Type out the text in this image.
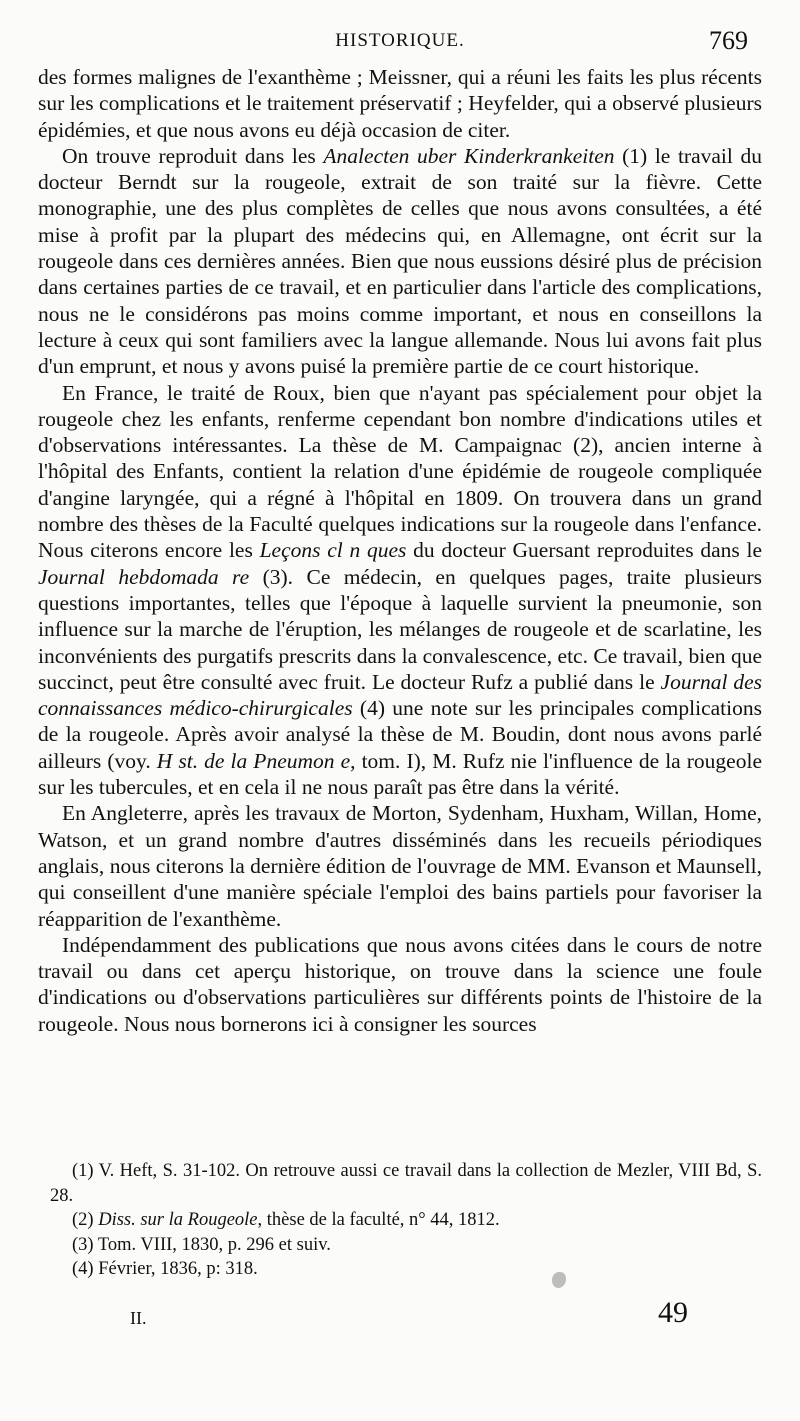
HISTORIQUE.	769

des formes malignes de l'exanthème ; Meissner, qui a réuni les faits les plus récents sur les complications et le traitement préservatif ; Heyfelder, qui a observé plusieurs épidémies, et que nous avons eu déjà occasion de citer.

On trouve reproduit dans les Analecten uber Kinderkrankeiten (1) le travail du docteur Berndt sur la rougeole, extrait de son traité sur la fièvre. Cette monographie, une des plus complètes de celles que nous avons consultées, a été mise à profit par la plupart des médecins qui, en Allemagne, ont écrit sur la rougeole dans ces dernières années. Bien que nous eussions désiré plus de précision dans certaines parties de ce travail, et en particulier dans l'article des complications, nous ne le considérons pas moins comme important, et nous en conseillons la lecture à ceux qui sont familiers avec la langue allemande. Nous lui avons fait plus d'un emprunt, et nous y avons puisé la première partie de ce court historique.

En France, le traité de Roux, bien que n'ayant pas spécialement pour objet la rougeole chez les enfants, renferme cependant bon nombre d'indications utiles et d'observations intéressantes. La thèse de M. Campaignac (2), ancien interne à l'hôpital des Enfants, contient la relation d'une épidémie de rougeole compliquée d'angine laryngée, qui a régné à l'hôpital en 1809. On trouvera dans un grand nombre des thèses de la Faculté quelques indications sur la rougeole dans l'enfance. Nous citerons encore les Leçons cl n ques du docteur Guersant reproduites dans le Journal hebdomada re (3). Ce médecin, en quelques pages, traite plusieurs questions importantes, telles que l'époque à laquelle survient la pneumonie, son influence sur la marche de l'éruption, les mélanges de rougeole et de scarlatine, les inconvénients des purgatifs prescrits dans la convalescence, etc. Ce travail, bien que succinct, peut être consulté avec fruit. Le docteur Rufz a publié dans le Journal des connaissances médico-chirurgicales (4) une note sur les principales complications de la rougeole. Après avoir analysé la thèse de M. Boudin, dont nous avons parlé ailleurs (voy. H st. de la Pneumon e, tom. I), M. Rufz nie l'influence de la rougeole sur les tubercules, et en cela il ne nous paraît pas être dans la vérité.

En Angleterre, après les travaux de Morton, Sydenham, Huxham, Willan, Home, Watson, et un grand nombre d'autres disséminés dans les recueils périodiques anglais, nous citerons la dernière édition de l'ouvrage de MM. Evanson et Maunsell, qui conseillent d'une manière spéciale l'emploi des bains partiels pour favoriser la réapparition de l'exanthème.

Indépendamment des publications que nous avons citées dans le cours de notre travail ou dans cet aperçu historique, on trouve dans la science une foule d'indications ou d'observations particulières sur différents points de l'histoire de la rougeole. Nous nous bornerons ici à consigner les sources

(1) V. Heft, S. 31-102. On retrouve aussi ce travail dans la collection de Mezler, VIII Bd, S. 28.

(2) Diss. sur la Rougeole, thèse de la faculté, n° 44, 1812.

(3) Tom. VIII, 1830, p. 296 et suiv.

(4) Février, 1836, p: 318.

II.	49
